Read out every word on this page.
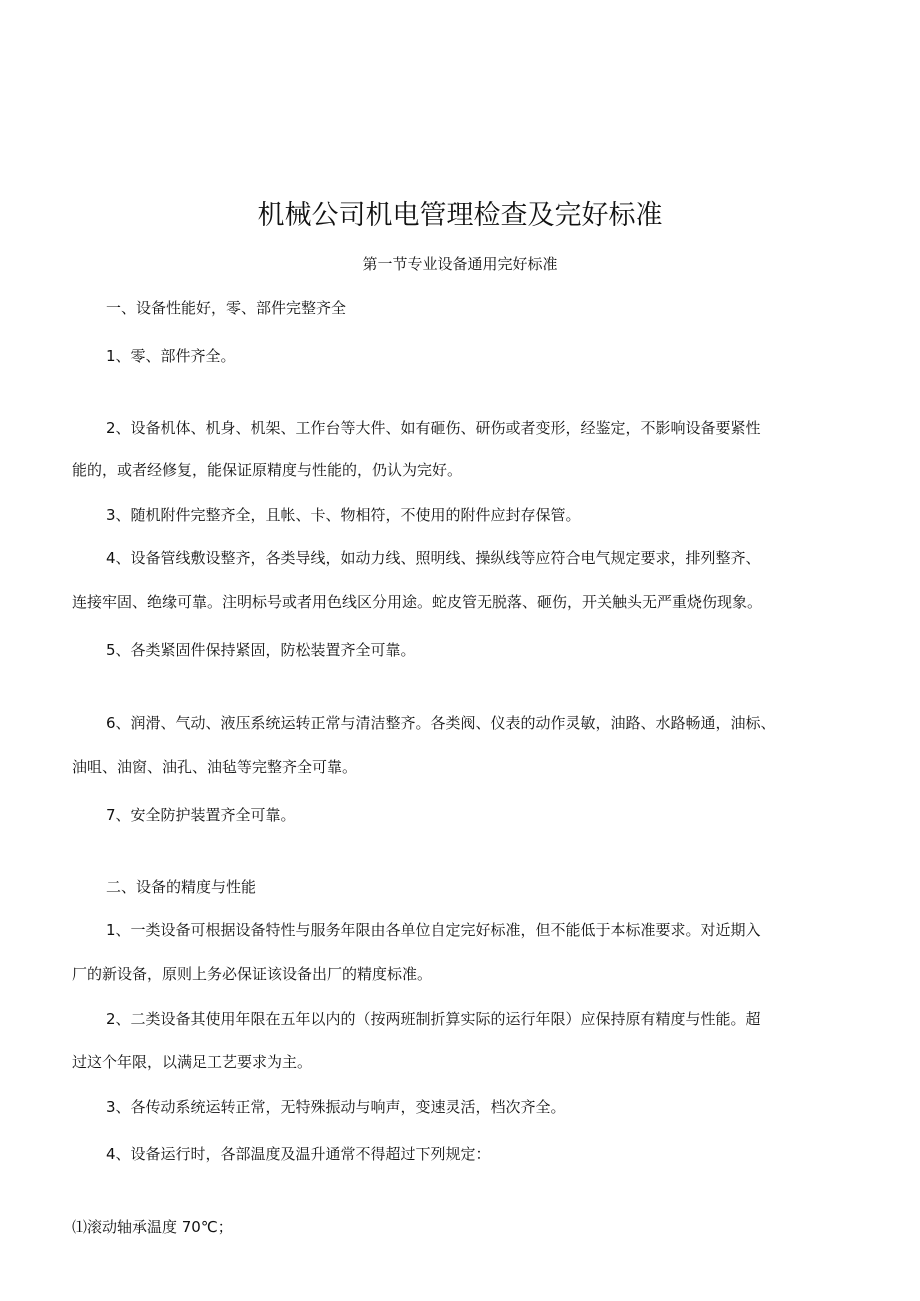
机械公司机电管理检查及完好标准

第一节专业设备通用完好标准

一、设备性能好，零、部件完整齐全

1、零、部件齐全。

2、设备机体、机身、机架、工作台等大件、如有砸伤、研伤或者变形，经鉴定，不影响设备要紧性

能的，或者经修复，能保证原精度与性能的，仍认为完好。

3、随机附件完整齐全，且帐、卡、物相符，不使用的附件应封存保管。

4、设备管线敷设整齐，各类导线，如动力线、照明线、操纵线等应符合电气规定要求，排列整齐、

连接牢固、绝缘可靠。注明标号或者用色线区分用途。蛇皮管无脱落、砸伤，开关触头无严重烧伤现象。

5、各类紧固件保持紧固，防松装置齐全可靠。

6、润滑、气动、液压系统运转正常与清洁整齐。各类阀、仪表的动作灵敏，油路、水路畅通，油标、

油咀、油窗、油孔、油毡等完整齐全可靠。

7、安全防护装置齐全可靠。

二、设备的精度与性能

1、一类设备可根据设备特性与服务年限由各单位自定完好标准，但不能低于本标准要求。对近期入

厂的新设备，原则上务必保证该设备出厂的精度标准。

2、二类设备其使用年限在五年以内的（按两班制折算实际的运行年限）应保持原有精度与性能。超

过这个年限，以满足工艺要求为主。

3、各传动系统运转正常，无特殊振动与响声，变速灵活，档次齐全。

4、设备运行时，各部温度及温升通常不得超过下列规定：

⑴滚动轴承温度 70℃；
